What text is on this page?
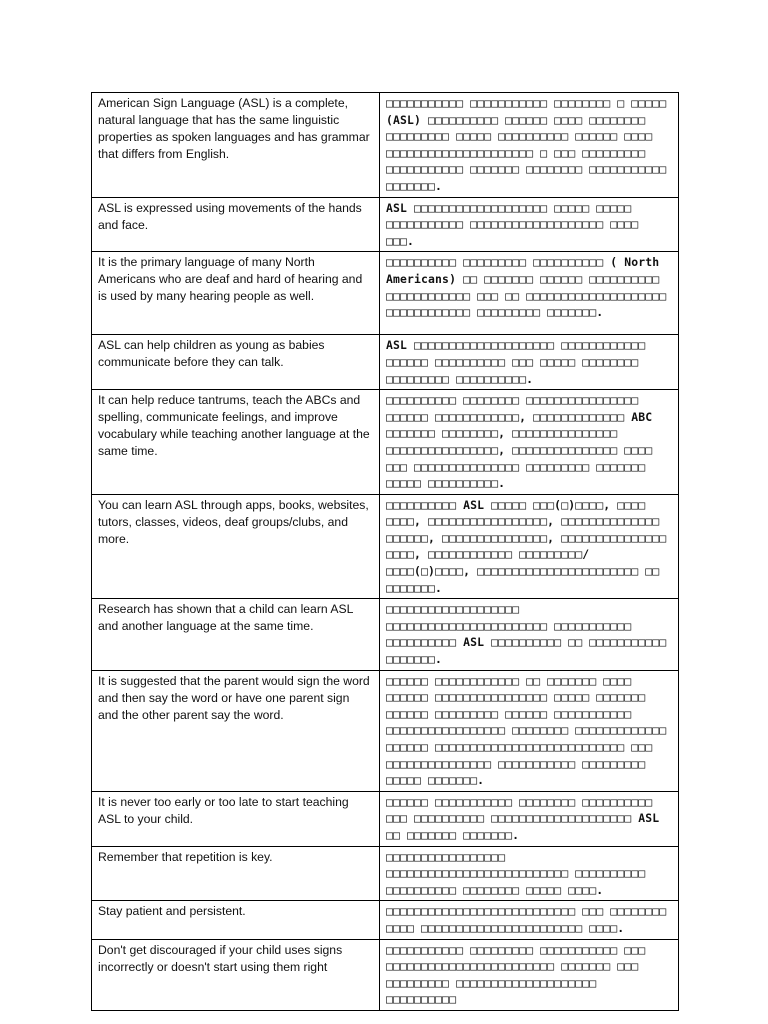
American Sign Language (ASL) is a complete, natural language that has the same linguistic properties as spoken languages and has grammar that differs from English.	□□□□□□□□□□□ □□□□□□□□□□□ □□□□□□□□ □ □□□□□ (ASL) □□□□□□□□□□ □□□□□□ □□□□ □□□□□□□□ □□□□□□□□□ □□□□□ □□□□□□□□□□ □□□□□□ □□□□ □□□□□□□□□□□□□□□□□□□□□ □ □□□ □□□□□□□□□ □□□□□□□□□□□ □□□□□□□ □□□□□□□□ □□□□□□□□□□□ □□□□□□□.
ASL is expressed using movements of the hands and face.	ASL □□□□□□□□□□□□□□□□□□□ □□□□□ □□□□□ □□□□□□□□□□□ □□□□□□□□□□□□□□□□□□□ □□□□ □□□.
It is the primary language of many North Americans who are deaf and hard of hearing and is used by many hearing people as well.	□□□□□□□□□□ □□□□□□□□□ □□□□□□□□□□ ( North Americans) □□ □□□□□□□ □□□□□□ □□□□□□□□□□ □□□□□□□□□□□□ □□□ □□ □□□□□□□□□□□□□□□□□□□□ □□□□□□□□□□□□ □□□□□□□□□ □□□□□□□.
ASL can help children as young as babies communicate before they can talk.	ASL □□□□□□□□□□□□□□□□□□□□ □□□□□□□□□□□□ □□□□□□ □□□□□□□□□□ □□□ □□□□□ □□□□□□□□ □□□□□□□□□ □□□□□□□□□□.
It can help reduce tantrums, teach the ABCs and spelling, communicate feelings, and improve vocabulary while teaching another language at the same time.	□□□□□□□□□□ □□□□□□□□ □□□□□□□□□□□□□□□□ □□□□□□ □□□□□□□□□□□□, □□□□□□□□□□□□□ ABC □□□□□□□ □□□□□□□□, □□□□□□□□□□□□□□□ □□□□□□□□□□□□□□□□, □□□□□□□□□□□□□□□ □□□□ □□□ □□□□□□□□□□□□□□□ □□□□□□□□□ □□□□□□□ □□□□□ □□□□□□□□□□.
You can learn ASL through apps, books, websites, tutors, classes, videos, deaf groups/clubs, and more.	□□□□□□□□□□ ASL □□□□□ □□□(□)□□□□, □□□□ □□□□, □□□□□□□□□□□□□□□□□, □□□□□□□□□□□□□□ □□□□□□, □□□□□□□□□□□□□□□, □□□□□□□□□□□□□□□ □□□□, □□□□□□□□□□□□ □□□□□□□□□/ □□□□(□)□□□□, □□□□□□□□□□□□□□□□□□□□□□□ □□ □□□□□□□.
Research has shown that a child can learn ASL and another language at the same time.	□□□□□□□□□□□□□□□□□□□ □□□□□□□□□□□□□□□□□□□□□□□ □□□□□□□□□□□ □□□□□□□□□□ ASL □□□□□□□□□□ □□ □□□□□□□□□□□ □□□□□□□.
It is suggested that the parent would sign the word and then say the word or have one parent sign and the other parent say the word.	□□□□□□ □□□□□□□□□□□□ □□ □□□□□□□ □□□□ □□□□□□ □□□□□□□□□□□□□□□□ □□□□□ □□□□□□□ □□□□□□ □□□□□□□□□ □□□□□□ □□□□□□□□□□□ □□□□□□□□□□□□□□□□□ □□□□□□□□ □□□□□□□□□□□□□ □□□□□□ □□□□□□□□□□□□□□□□□□□□□□□□□□□ □□□ □□□□□□□□□□□□□□□ □□□□□□□□□□□ □□□□□□□□□ □□□□□ □□□□□□□.
It is never too early or too late to start teaching ASL to your child.	□□□□□□ □□□□□□□□□□□ □□□□□□□□ □□□□□□□□□□ □□□ □□□□□□□□□□ □□□□□□□□□□□□□□□□□□□□ ASL □□ □□□□□□□ □□□□□□□.
Remember that repetition is key.	□□□□□□□□□□□□□□□□□ □□□□□□□□□□□□□□□□□□□□□□□□□□ □□□□□□□□□□ □□□□□□□□□□ □□□□□□□□ □□□□□ □□□□.
Stay patient and persistent.	□□□□□□□□□□□□□□□□□□□□□□□□□□□ □□□ □□□□□□□□ □□□□ □□□□□□□□□□□□□□□□□□□□□□□ □□□□.
Don't get discouraged if your child uses signs incorrectly or doesn't start using them right	□□□□□□□□□□□ □□□□□□□□□ □□□□□□□□□□□ □□□ □□□□□□□□□□□□□□□□□□□□□□□□ □□□□□□□ □□□ □□□□□□□□□ □□□□□□□□□□□□□□□□□□□□ □□□□□□□□□□
